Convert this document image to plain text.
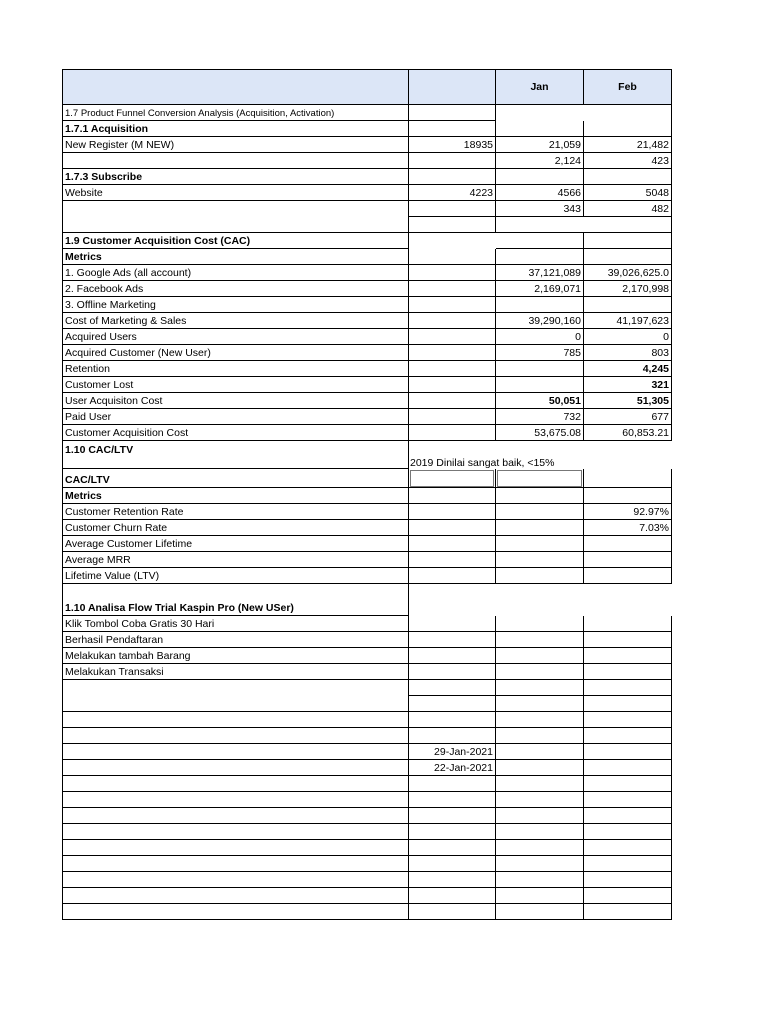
		Jan	Feb
1.7 Product Funnel Conversion Analysis (Acquisition, Activation)			
1.7.1 Acquisition			
New Register (M NEW)	18935	21,059	21,482
		2,124	423
1.7.3 Subscribe			
Website	4223	4566	5048
		343	482

1.9 Customer Acquisition Cost (CAC)			
Metrics			
1. Google Ads (all account)		37,121,089	39,026,625.0
2. Facebook Ads		2,169,071	2,170,998
3. Offline Marketing			
Cost of Marketing & Sales		39,290,160	41,197,623
Acquired Users		0	0
Acquired Customer (New User)		785	803
Retention			4,245
Customer Lost			321
User Acquisiton Cost		50,051	51,305
Paid User		732	677
Customer Acquisition Cost		53,675.08	60,853.21
1.10 CAC/LTV			
	2019 Dinilai sangat baik, <15%		
CAC/LTV	

Metrics			
Customer Retention Rate			92.97%
Customer Churn Rate			7.03%
Average Customer Lifetime			
Average MRR			
Lifetime Value (LTV)			

1.10 Analisa Flow Trial Kaspin Pro (New USer)			
Klik Tombol Coba Gratis 30 Hari			
Berhasil Pendaftaran			
Melakukan tambah Barang			
Melakukan Transaksi			

	29-Jan-2021		
	22-Jan-2021		
